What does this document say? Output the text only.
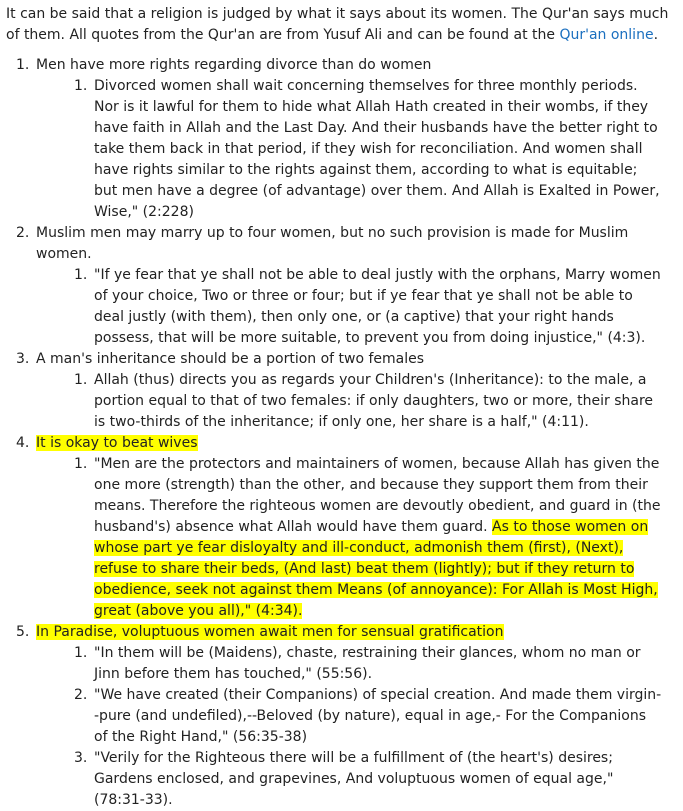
It can be said that a religion is judged by what it says about its women. The Qur'an says much of them. All quotes from the Qur'an are from Yusuf Ali and can be found at the Qur'an online.

1. Men have more rights regarding divorce than do women
1. Divorced women shall wait concerning themselves for three monthly periods. Nor is it lawful for them to hide what Allah Hath created in their wombs, if they have faith in Allah and the Last Day. And their husbands have the better right to take them back in that period, if they wish for reconciliation. And women shall have rights similar to the rights against them, according to what is equitable; but men have a degree (of advantage) over them. And Allah is Exalted in Power, Wise," (2:228)
2. Muslim men may marry up to four women, but no such provision is made for Muslim women.
1. "If ye fear that ye shall not be able to deal justly with the orphans, Marry women of your choice, Two or three or four; but if ye fear that ye shall not be able to deal justly (with them), then only one, or (a captive) that your right hands possess, that will be more suitable, to prevent you from doing injustice," (4:3).
3. A man's inheritance should be a portion of two females
1. Allah (thus) directs you as regards your Children's (Inheritance): to the male, a portion equal to that of two females: if only daughters, two or more, their share is two-thirds of the inheritance; if only one, her share is a half," (4:11).
4. It is okay to beat wives
1. "Men are the protectors and maintainers of women, because Allah has given the one more (strength) than the other, and because they support them from their means. Therefore the righteous women are devoutly obedient, and guard in (the husband's) absence what Allah would have them guard. As to those women on whose part ye fear disloyalty and ill-conduct, admonish them (first), (Next), refuse to share their beds, (And last) beat them (lightly); but if they return to obedience, seek not against them Means (of annoyance): For Allah is Most High, great (above you all)," (4:34).
5. In Paradise, voluptuous women await men for sensual gratification
1. "In them will be (Maidens), chaste, restraining their glances, whom no man or Jinn before them has touched," (55:56).
2. "We have created (their Companions) of special creation. And made them virgin--pure (and undefiled),--Beloved (by nature), equal in age,- For the Companions of the Right Hand," (56:35-38)
3. "Verily for the Righteous there will be a fulfillment of (the heart's) desires; Gardens enclosed, and grapevines, And voluptuous women of equal age," (78:31-33).
